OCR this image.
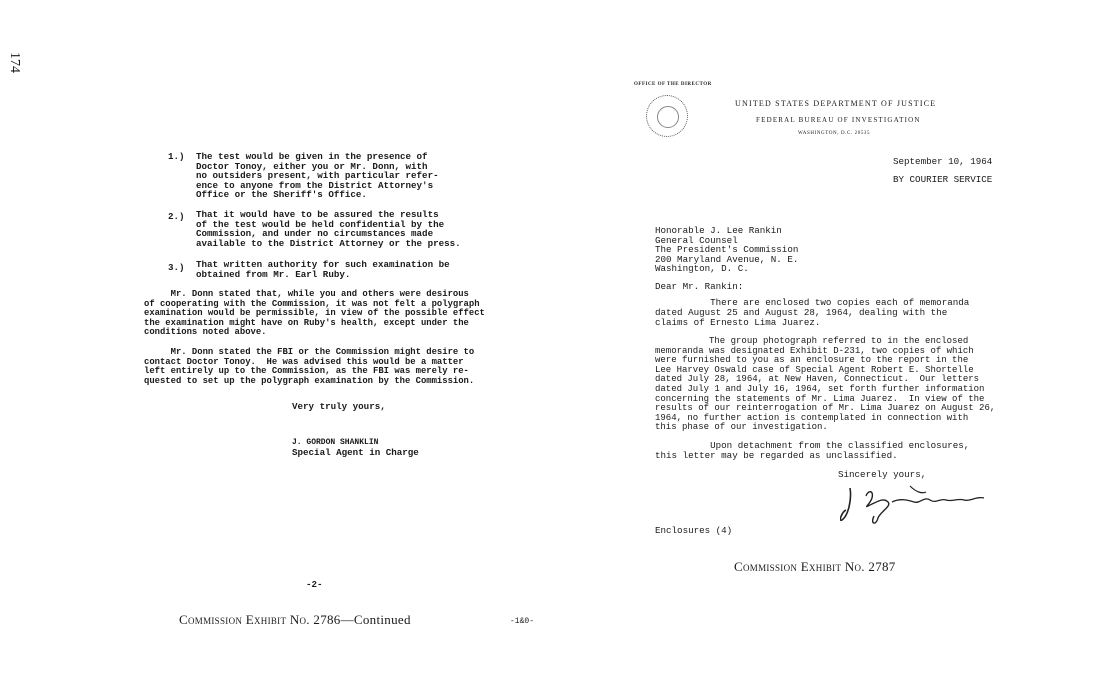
174
1.) The test would be given in the presence of
Doctor Tonoy, either you or Mr. Donn, with
no outsiders present, with particular refer-
ence to anyone from the District Attorney's
Office or the Sheriff's Office.
2.) That it would have to be assured the results
of the test would be held confidential by the
Commission, and under no circumstances made
available to the District Attorney or the press.
3.) That written authority for such examination be
obtained from Mr. Earl Ruby.
Mr. Donn stated that, while you and others were desirous
of cooperating with the Commission, it was not felt a polygraph
examination would be permissible, in view of the possible effect
the examination might have on Ruby's health, except under the
conditions noted above.
Mr. Donn stated the FBI or the Commission might desire to
contact Doctor Tonoy.  He was advised this would be a matter
left entirely up to the Commission, as the FBI was merely re-
quested to set up the polygraph examination by the Commission.
Very truly yours,
J. GORDON SHANKLIN
Special Agent in Charge
-2-
Commission Exhibit No. 2786—Continued	-1&0-
OFFICE OF THE DIRECTOR
UNITED STATES DEPARTMENT OF JUSTICE
FEDERAL BUREAU OF INVESTIGATION
WASHINGTON, D.C. 20535
September 10, 1964
BY COURIER SERVICE
Honorable J. Lee Rankin
General Counsel
The President's Commission
200 Maryland Avenue, N. E.
Washington, D. C.
Dear Mr. Rankin:
There are enclosed two copies each of memoranda
dated August 25 and August 28, 1964, dealing with the
claims of Ernesto Lima Juarez.
The group photograph referred to in the enclosed
memoranda was designated Exhibit D-231, two copies of which
were furnished to you as an enclosure to the report in the
Lee Harvey Oswald case of Special Agent Robert E. Shortelle
dated July 28, 1964, at New Haven, Connecticut.  Our letters
dated July 1 and July 16, 1964, set forth further information
concerning the statements of Mr. Lima Juarez.  In view of the
results of our reinterrogation of Mr. Lima Juarez on August 26,
1964, no further action is contemplated in connection with
this phase of our investigation.
Upon detachment from the classified enclosures,
this letter may be regarded as unclassified.
Sincerely yours,
Enclosures (4)
Commission Exhibit No. 2787
